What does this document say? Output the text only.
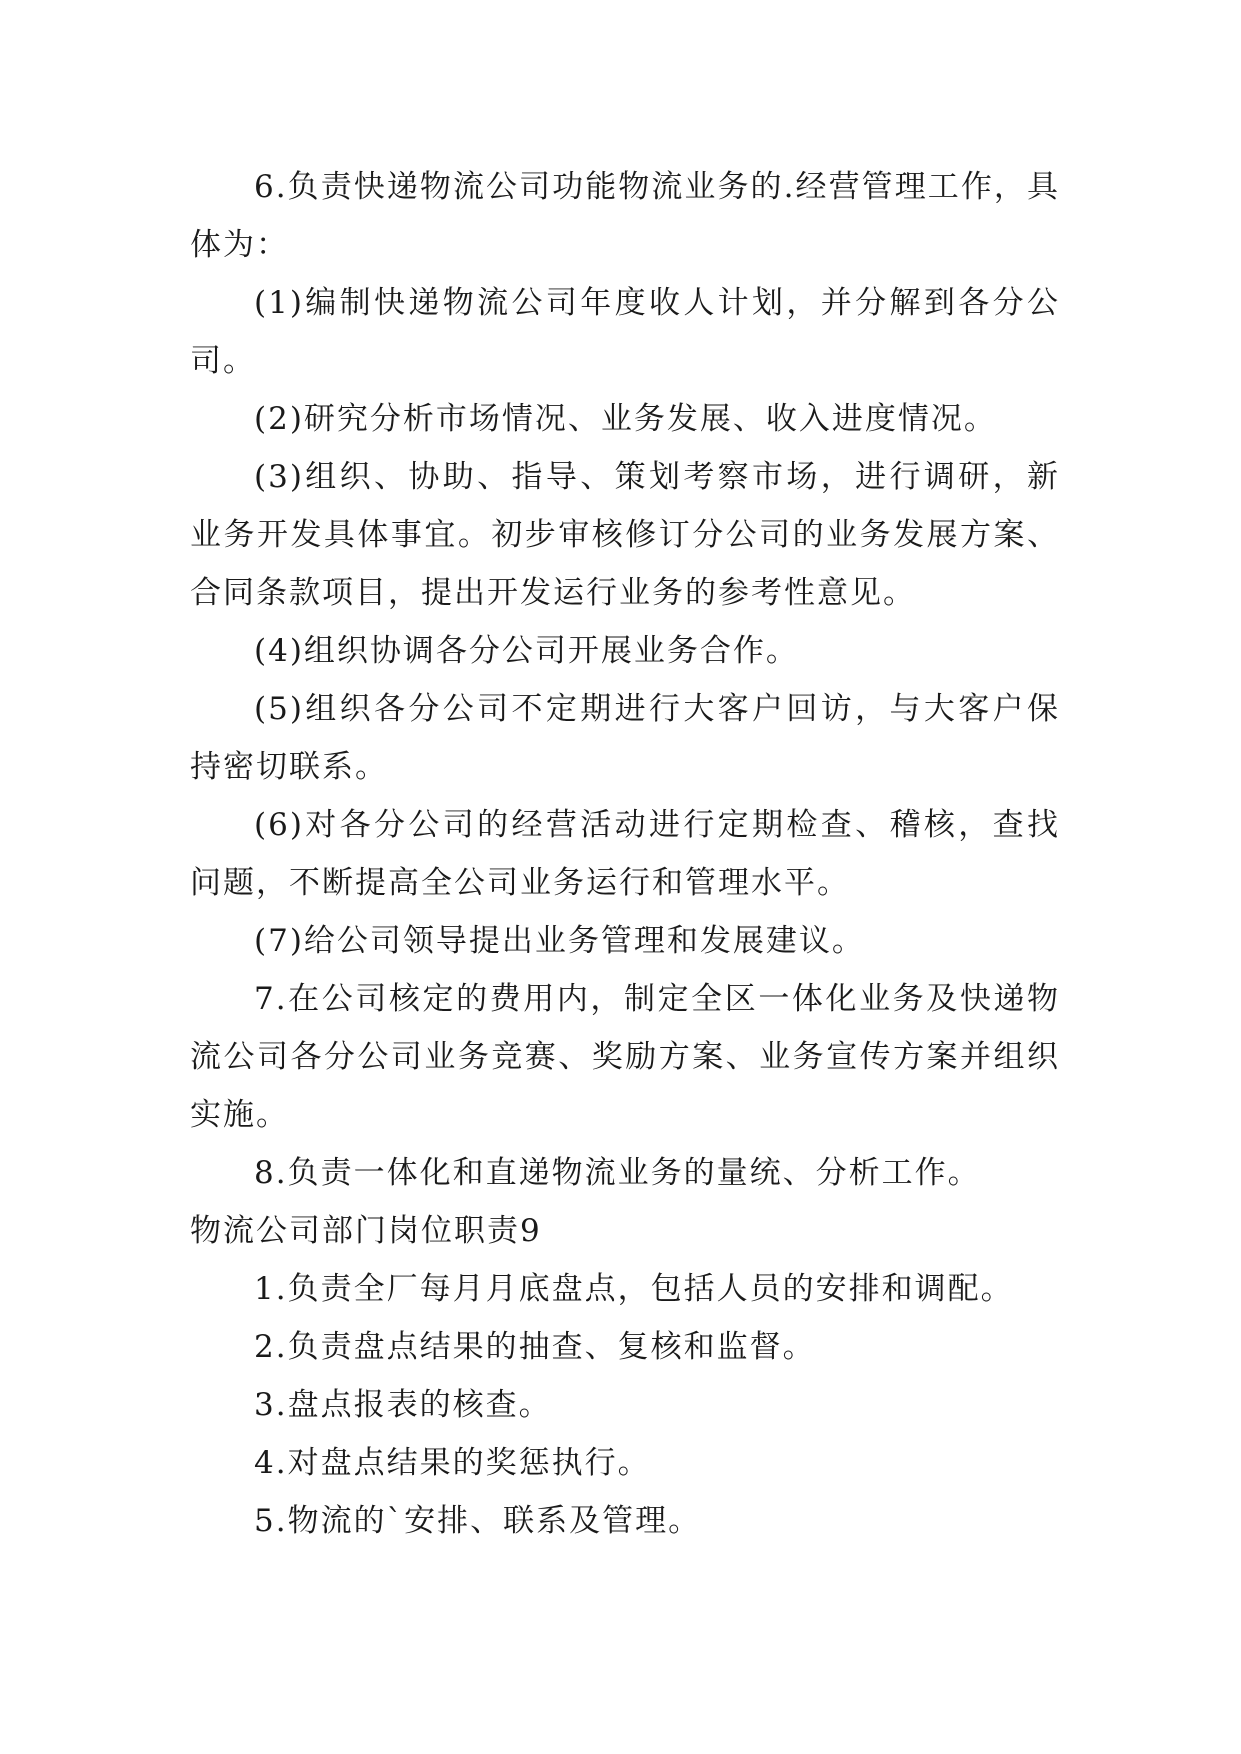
6.负责快递物流公司功能物流业务的.经营管理工作，具体为：

(1)编制快递物流公司年度收人计划，并分解到各分公司。

(2)研究分析市场情况、业务发展、收入进度情况。

(3)组织、协助、指导、策划考察市场，进行调研，新业务开发具体事宜。初步审核修订分公司的业务发展方案、合同条款项目，提出开发运行业务的参考性意见。

(4)组织协调各分公司开展业务合作。

(5)组织各分公司不定期进行大客户回访，与大客户保持密切联系。

(6)对各分公司的经营活动进行定期检查、稽核，查找问题，不断提高全公司业务运行和管理水平。

(7)给公司领导提出业务管理和发展建议。

7.在公司核定的费用内，制定全区一体化业务及快递物流公司各分公司业务竞赛、奖励方案、业务宣传方案并组织实施。

8.负责一体化和直递物流业务的量统、分析工作。

物流公司部门岗位职责9

1.负责全厂每月月底盘点，包括人员的安排和调配。

2.负责盘点结果的抽查、复核和监督。

3.盘点报表的核查。

4.对盘点结果的奖惩执行。

5.物流的`安排、联系及管理。
